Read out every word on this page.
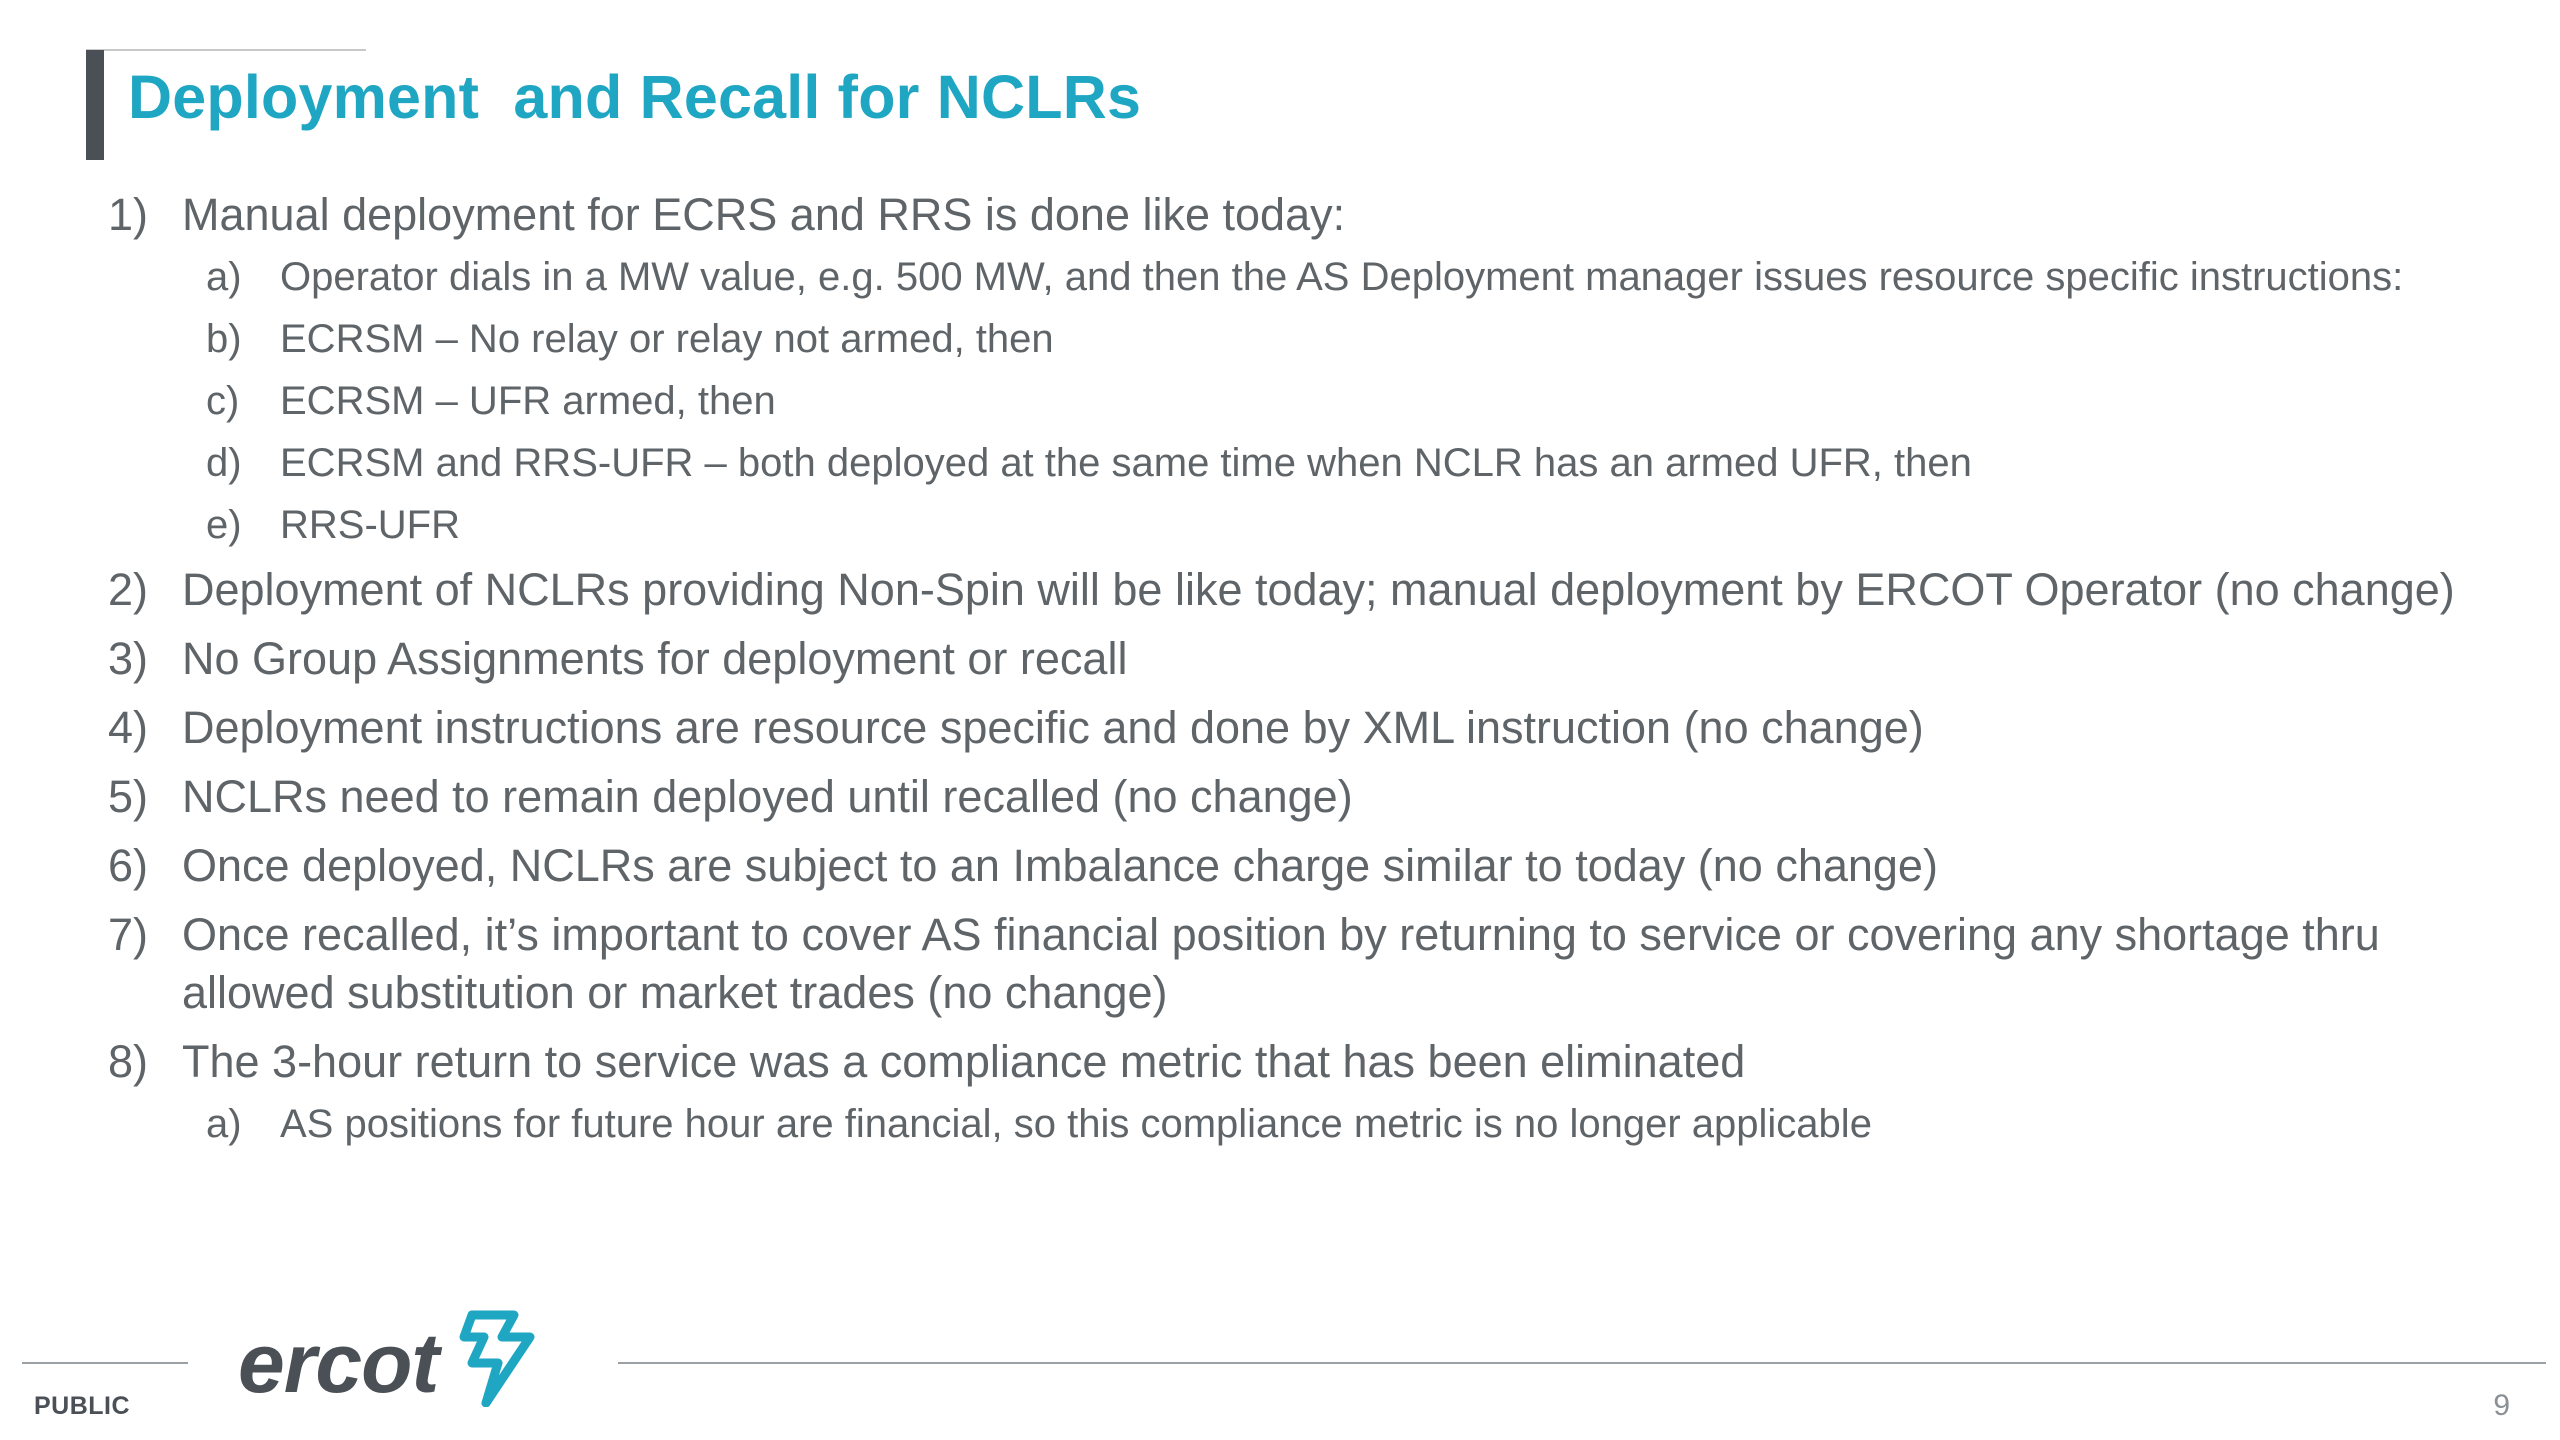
Deployment  and Recall for NCLRs
1) Manual deployment for ECRS and RRS is done like today:
a) Operator dials in a MW value, e.g. 500 MW, and then the AS Deployment manager issues resource specific instructions:
b) ECRSM – No relay or relay not armed, then
c)	ECRSM – UFR armed, then
d) ECRSM and RRS-UFR – both deployed at the same time when NCLR has an armed UFR, then
e) RRS-UFR
2) Deployment of NCLRs providing Non-Spin will be like today; manual deployment by ERCOT Operator (no change)
3) No Group Assignments for deployment or recall
4) Deployment instructions are resource specific and done by XML instruction (no change)
5) NCLRs need to remain deployed until recalled (no change)
6) Once deployed, NCLRs are subject to an Imbalance charge similar to today (no change)
7) Once recalled, it’s important to cover AS financial position by returning to service or covering any shortage thru allowed substitution or market trades (no change)
8) The 3-hour return to service was a compliance metric that has been eliminated
a) AS positions for future hour are financial, so this compliance metric is no longer applicable
ercot
PUBLIC	9
